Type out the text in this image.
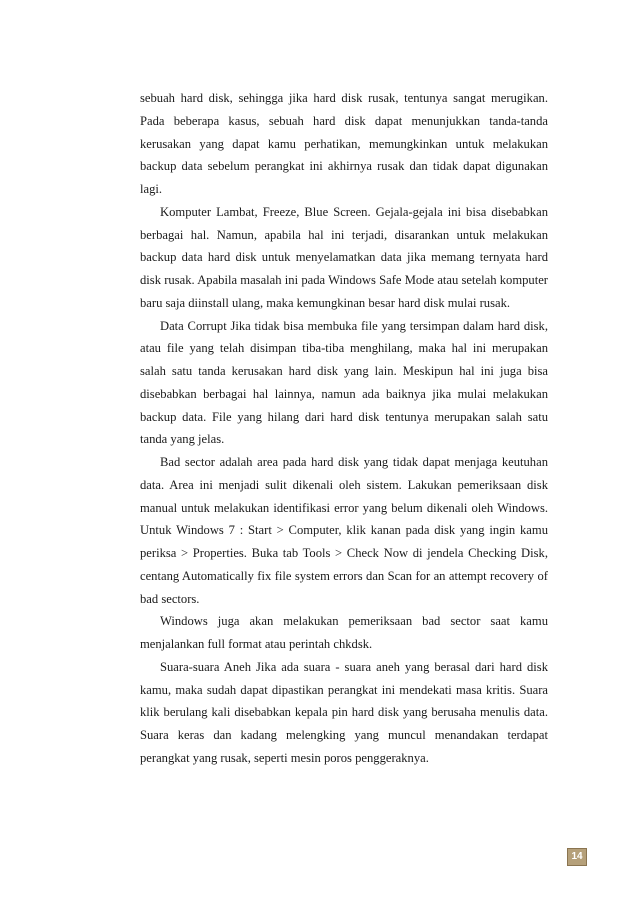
sebuah hard disk, sehingga jika hard disk rusak, tentunya sangat merugikan. Pada beberapa kasus, sebuah hard disk dapat menunjukkan tanda-tanda kerusakan yang dapat kamu perhatikan, memungkinkan untuk melakukan backup data sebelum perangkat ini akhirnya rusak dan tidak dapat digunakan lagi.

Komputer Lambat, Freeze, Blue Screen. Gejala-gejala ini bisa disebabkan berbagai hal. Namun, apabila hal ini terjadi, disarankan untuk melakukan backup data hard disk untuk menyelamatkan data jika memang ternyata hard disk rusak. Apabila masalah ini pada Windows Safe Mode atau setelah komputer baru saja diinstall ulang, maka kemungkinan besar hard disk mulai rusak.

Data Corrupt Jika tidak bisa membuka file yang tersimpan dalam hard disk, atau file yang telah disimpan tiba-tiba menghilang, maka hal ini merupakan salah satu tanda kerusakan hard disk yang lain. Meskipun hal ini juga bisa disebabkan berbagai hal lainnya, namun ada baiknya jika mulai melakukan backup data. File yang hilang dari hard disk tentunya merupakan salah satu tanda yang jelas.

Bad sector adalah area pada hard disk yang tidak dapat menjaga keutuhan data. Area ini menjadi sulit dikenali oleh sistem. Lakukan pemeriksaan disk manual untuk melakukan identifikasi error yang belum dikenali oleh Windows. Untuk Windows 7 : Start > Computer, klik kanan pada disk yang ingin kamu periksa > Properties. Buka tab Tools > Check Now di jendela Checking Disk, centang Automatically fix file system errors dan Scan for an attempt recovery of bad sectors.

Windows juga akan melakukan pemeriksaan bad sector saat kamu menjalankan full format atau perintah chkdsk.

Suara-suara Aneh Jika ada suara - suara aneh yang berasal dari hard disk kamu, maka sudah dapat dipastikan perangkat ini mendekati masa kritis. Suara klik berulang kali disebabkan kepala pin hard disk yang berusaha menulis data. Suara keras dan kadang melengking yang muncul menandakan terdapat perangkat yang rusak, seperti mesin poros penggeraknya.

14
